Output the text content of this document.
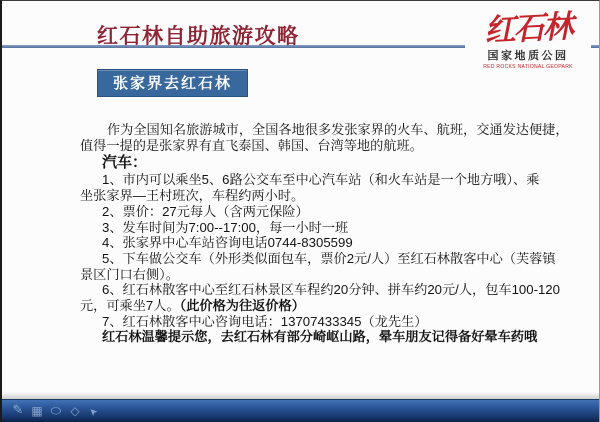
红石林自助旅游攻略	红石林
国家地质公园
RED ROCKS NATIONAL GEOPARK
张家界去红石林
作为全国知名旅游城市，全国各地很多发张家界的火车、航班，交通发达便捷，
值得一提的是张家界有直飞泰国、韩国、台湾等地的航班。
汽车：
1、市内可以乘坐5、6路公交车至中心汽车站（和火车站是一个地方哦）、乘
坐张家界—王村班次，车程约两小时。
2、票价：27元每人（含两元保险）
3、发车时间为7:00--17:00，每一小时一班
4、张家界中心车站咨询电话0744-8305599
5、下车做公交车（外形类似面包车，票价2元/人）至红石林散客中心（芙蓉镇
景区门口右侧）。
6、红石林散客中心至红石林景区车程约20分钟、拼车约20元/人，包车100-120
元，可乘坐7人。（此价格为往返价格）
7、红石林散客中心咨询电话：13707433345（龙先生）
红石林温馨提示您，去红石林有部分崎岖山路，晕车朋友记得备好晕车药哦
✎ ▦ ○ ◇ ➤
